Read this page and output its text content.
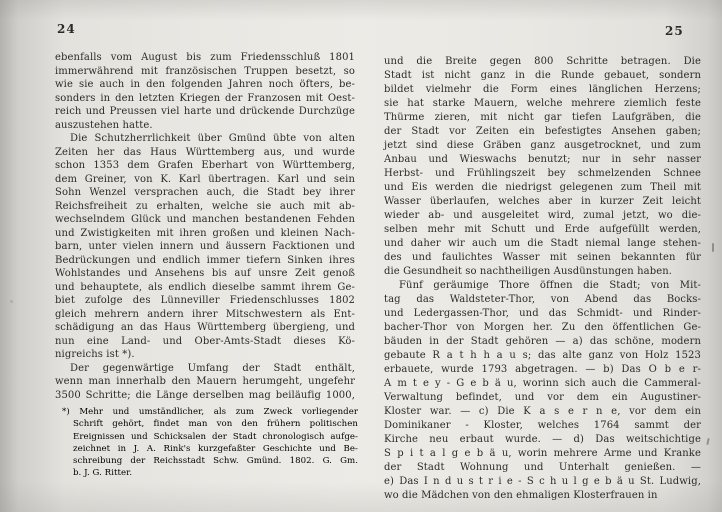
24	25
ebenfalls vom August bis zum Friedensschluß 1801
immerwährend mit französischen Truppen besetzt, so
wie sie auch in den folgenden Jahren noch öfters, be-
sonders in den letzten Kriegen der Franzosen mit Oest-
reich und Preussen viel harte und drückende Durchzüge
auszustehen hatte.
Die Schutzherrlichkeit über Gmünd übte von alten
Zeiten her das Haus Württemberg aus, und wurde
schon 1353 dem Grafen Eberhart von Württemberg,
dem Greiner, von K. Karl übertragen. Karl und sein
Sohn Wenzel versprachen auch, die Stadt bey ihrer
Reichsfreiheit zu erhalten, welche sie auch mit ab-
wechselndem Glück und manchen bestandenen Fehden
und Zwistigkeiten mit ihren großen und kleinen Nach-
barn, unter vielen innern und äussern Facktionen und
Bedrückungen und endlich immer tiefern Sinken ihres
Wohlstandes und Ansehens bis auf unsre Zeit genoß
und behauptete, als endlich dieselbe sammt ihrem Ge-
biet zufolge des Lünneviller Friedenschlusses 1802
gleich mehrern andern ihrer Mitschwestern als Ent-
schädigung an das Haus Württemberg übergieng, und
nun eine Land- und Ober-Amts-Stadt dieses Kö-
nigreichs ist *).
Der gegenwärtige Umfang der Stadt enthält,
wenn man innerhalb den Mauern herumgeht, ungefehr
3500 Schritte; die Länge derselben mag beiläufig 1000,
*) Mehr und umständlicher, als zum Zweck vorliegender
Schrift gehört, findet man von den frühern politischen
Ereignissen und Schicksalen der Stadt chronologisch aufge-
zeichnet in J. A. Rink's kurzgefaßter Geschichte und Be-
schreibung der Reichsstadt Schw. Gmünd. 1802. G. Gm.
b. J. G. Ritter.
und die Breite gegen 800 Schritte betragen. Die
Stadt ist nicht ganz in die Runde gebauet, sondern
bildet vielmehr die Form eines länglichen Herzens;
sie hat starke Mauern, welche mehrere ziemlich feste
Thürme zieren, mit nicht gar tiefen Laufgräben, die
der Stadt vor Zeiten ein befestigtes Ansehen gaben;
jetzt sind diese Gräben ganz ausgetrocknet, und zum
Anbau und Wieswachs benutzt; nur in sehr nasser
Herbst- und Frühlingszeit bey schmelzenden Schnee
und Eis werden die niedrigst gelegenen zum Theil mit
Wasser überlaufen, welches aber in kurzer Zeit leicht
wieder ab- und ausgeleitet wird, zumal jetzt, wo die-
selben mehr mit Schutt und Erde aufgefüllt werden,
und daher wir auch um die Stadt niemal lange stehen-
des und faulichtes Wasser mit seinen bekannten für
die Gesundheit so nachtheiligen Ausdünstungen haben.
Fünf geräumige Thore öffnen die Stadt; von Mit-
tag das Waldsteter-Thor, von Abend das Bocks-
und Ledergassen-Thor, und das Schmidt- und Rinder-
bacher-Thor von Morgen her. Zu den öffentlichen Ge-
bäuden in der Stadt gehören — a) das schöne, modern
gebaute R a t h h a u s; das alte ganz von Holz 1523
erbauete, wurde 1793 abgetragen. — b) Das O b e r-
A m t e y - G e b ä u, worinn sich auch die Cammeral-
Verwaltung befindet, und vor dem ein Augustiner-
Kloster war. — c) Die K a s e r n e, vor dem ein
Dominikaner - Kloster, welches 1764 sammt der
Kirche neu erbaut wurde. — d) Das weitschichtige
S p i t a l g e b ä u, worin mehrere Arme und Kranke
der Stadt Wohnung und Unterhalt genießen. —
e) Das I n d u s t r i e - S c h u l g e b ä u St. Ludwig,
wo die Mädchen von den ehmaligen Klosterfrauen in
